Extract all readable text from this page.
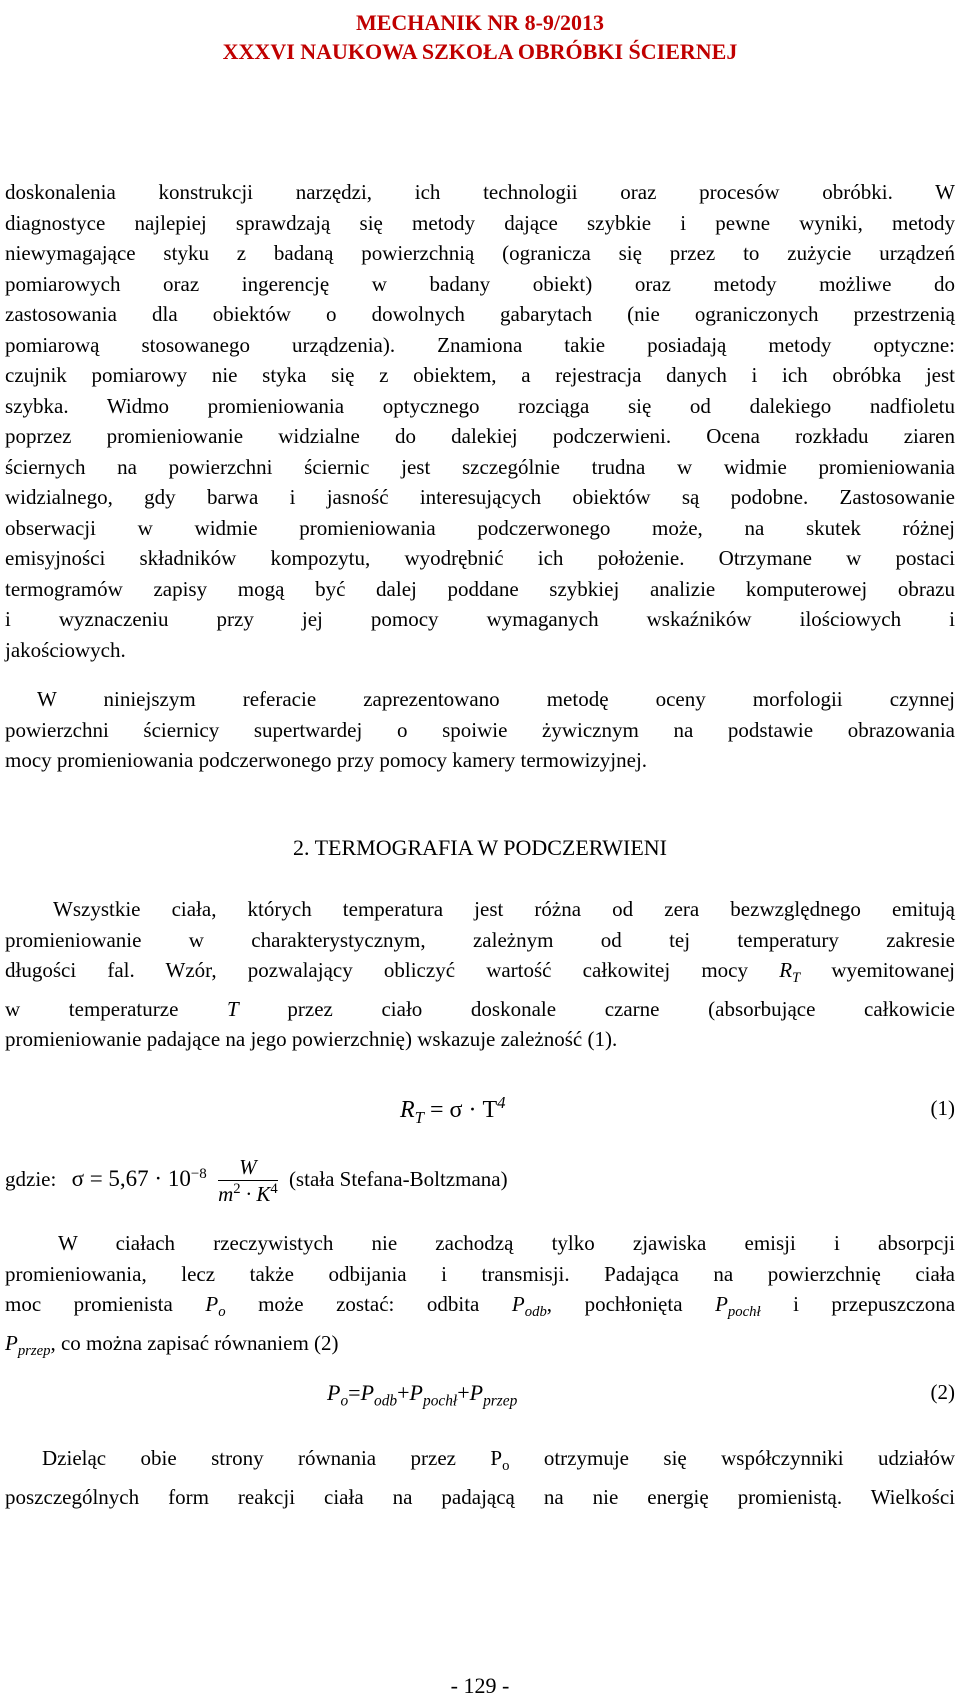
MECHANIK NR 8-9/2013
XXXVI NAUKOWA SZKOŁA OBRÓBKI ŚCIERNEJ
doskonalenia konstrukcji narzędzi, ich technologii oraz procesów obróbki. W
diagnostyce najlepiej sprawdzają się metody dające szybkie i pewne wyniki, metody
niewymagające styku z badaną powierzchnią (ogranicza się przez to zużycie urządzeń
pomiarowych oraz ingerencję w badany obiekt) oraz metody możliwe do
zastosowania dla obiektów o dowolnych gabarytach (nie ograniczonych przestrzenią
pomiarową stosowanego urządzenia). Znamiona takie posiadają metody optyczne:
czujnik pomiarowy nie styka się z obiektem, a rejestracja danych i ich obróbka jest
szybka. Widmo promieniowania optycznego rozciąga się od dalekiego nadfioletu
poprzez promieniowanie widzialne do dalekiej podczerwieni. Ocena rozkładu ziaren
ściernych na powierzchni ściernic jest szczególnie trudna w widmie promieniowania
widzialnego, gdy barwa i jasność interesujących obiektów są podobne. Zastosowanie
obserwacji w widmie promieniowania podczerwonego może, na skutek różnej
emisyjności składników kompozytu, wyodrębnić ich położenie. Otrzymane w postaci
termogramów zapisy mogą być dalej poddane szybkiej analizie komputerowej obrazu
i wyznaczeniu przy jej pomocy wymaganych wskaźników ilościowych i
jakościowych.
W niniejszym referacie zaprezentowano metodę oceny morfologii czynnej
powierzchni ściernicy supertwardej o spoiwie żywicznym na podstawie obrazowania
mocy promieniowania podczerwonego przy pomocy kamery termowizyjnej.
2. TERMOGRAFIA W PODCZERWIENI
Wszystkie ciała, których temperatura jest różna od zera bezwzględnego emitują
promieniowanie w charakterystycznym, zależnym od tej temperatury zakresie
długości fal. Wzór, pozwalający obliczyć wartość całkowitej mocy $R_T$ wyemitowanej
w temperaturze T przez ciało doskonale czarne (absorbujące całkowicie
promieniowanie padające na jego powierzchnię) wskazuje zależność (1).
$R_T = \sigma \cdot T^4$	(1)
gdzie: $\sigma = 5,67 \cdot 10^{-8} \frac{W}{m^2 \cdot K^4}$ (stała Stefana-Boltzmana)
W ciałach rzeczywistych nie zachodzą tylko zjawiska emisji i absorpcji
promieniowania, lecz także odbijania i transmisji. Padająca na powierzchnię ciała
moc promienista $P_o$ może zostać: odbita $P_{odb}$, pochłonięta $P_{pochł}$ i przepuszczona
$P_{przep}$, co można zapisać równaniem (2)
$P_o=P_{odb}+P_{pochł}+P_{przep}$	(2)
Dzieląc obie strony równania przez $P_o$ otrzymuje się współczynniki udziałów
poszczególnych form reakcji ciała na padającą na nie energię promienistą. Wielkości
- 129 -
